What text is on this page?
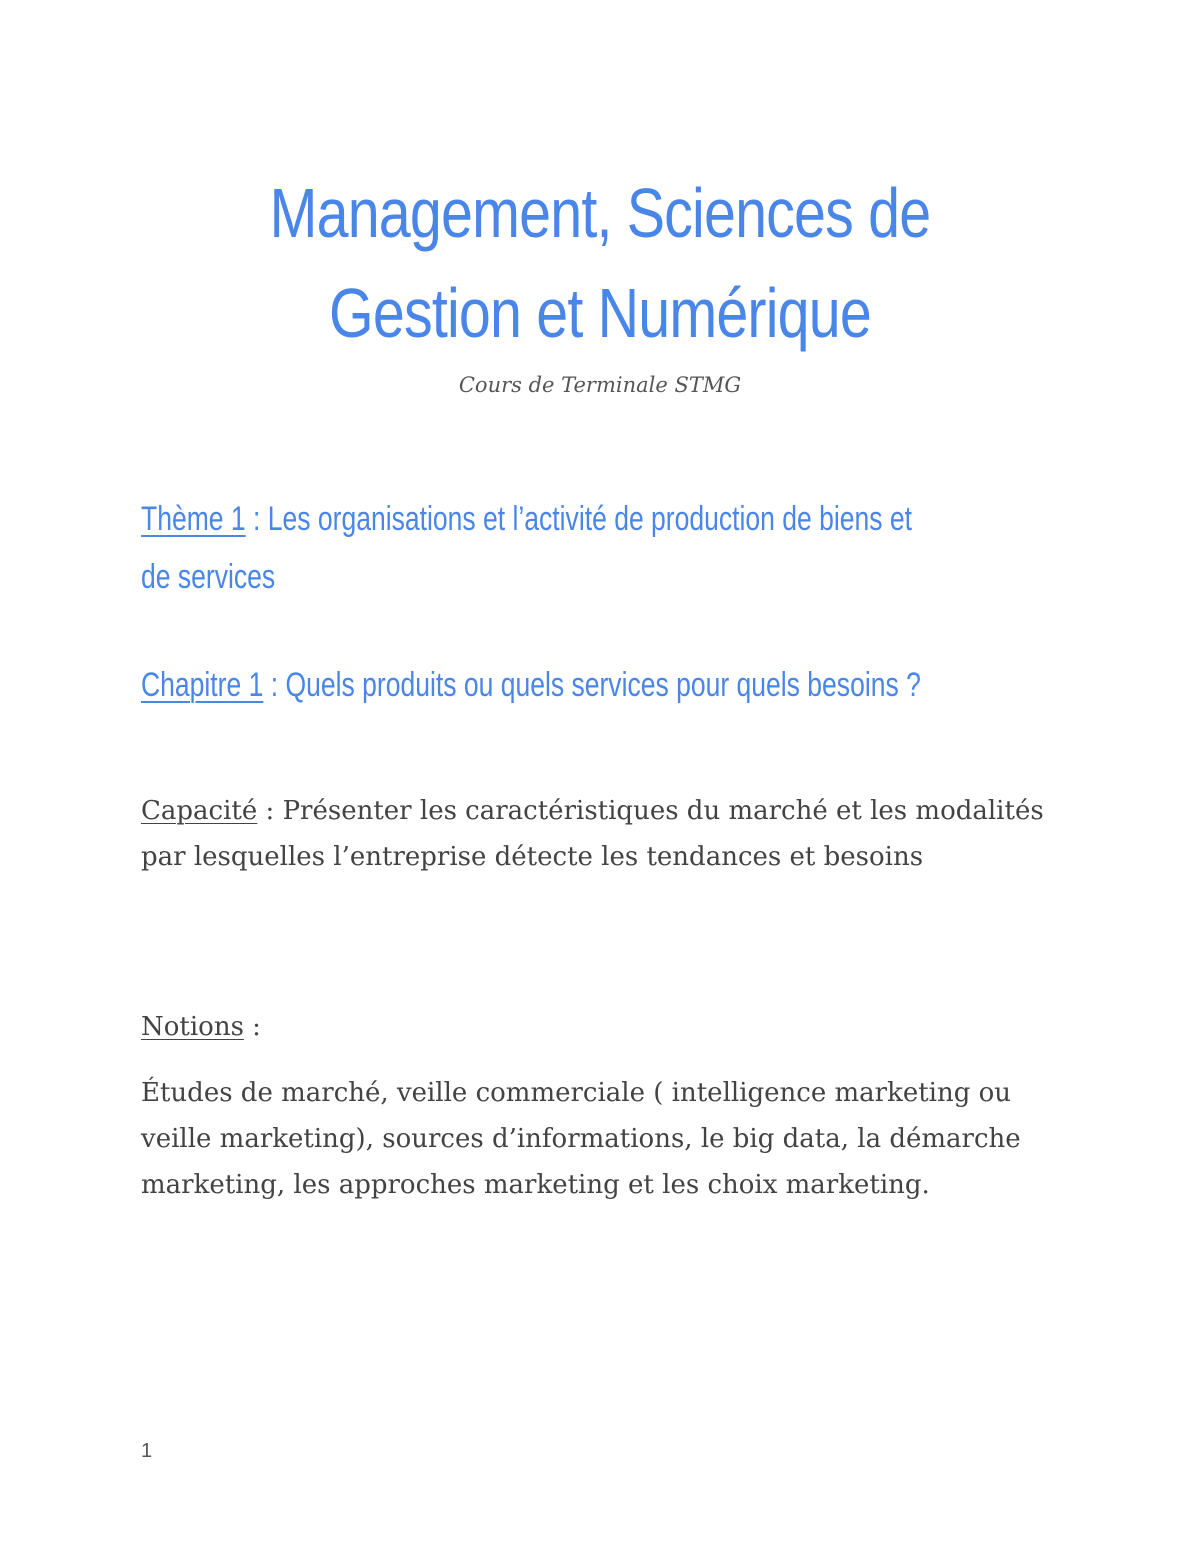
Management, Sciences de
Gestion et Numérique
Cours de Terminale STMG
Thème 1 : Les organisations et l’activité de production de biens et
de services
Chapitre 1 : Quels produits ou quels services pour quels besoins ?
Capacité : Présenter les caractéristiques du marché et les modalités par lesquelles l’entreprise détecte les tendances et besoins
Notions :
Études de marché, veille commerciale ( intelligence marketing ou veille marketing), sources d’informations, le big data, la démarche marketing, les approches marketing et les choix marketing.
1
